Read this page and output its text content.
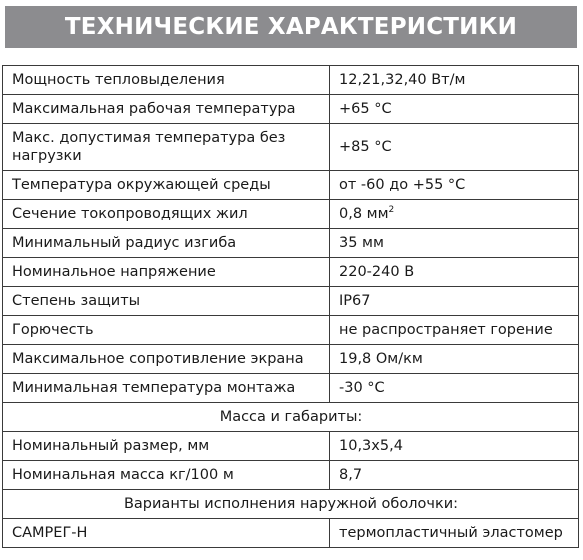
ТЕХНИЧЕСКИЕ ХАРАКТЕРИСТИКИ
Мощность тепловыделения	12,21,32,40 Вт/м
Максимальная рабочая температура	+65 °C
Макс. допустимая температура без нагрузки	+85 °C
Температура окружающей среды	от -60 до +55 °C
Сечение токопроводящих жил	0,8 $мм^2$
Минимальный радиус изгиба	35 мм
Номинальное напряжение	220-240 В
Степень защиты	IP67
Горючесть	не распространяет горение
Максимальное сопротивление экрана	19,8 Ом/км
Минимальная температура монтажа	-30 °C
Масса и габариты:	
Номинальный размер, мм	10,3х5,4
Номинальная масса кг/100 м	8,7
Варианты исполнения наружной оболочки:	
САМРЕГ-Н	термопластичный эластомер
